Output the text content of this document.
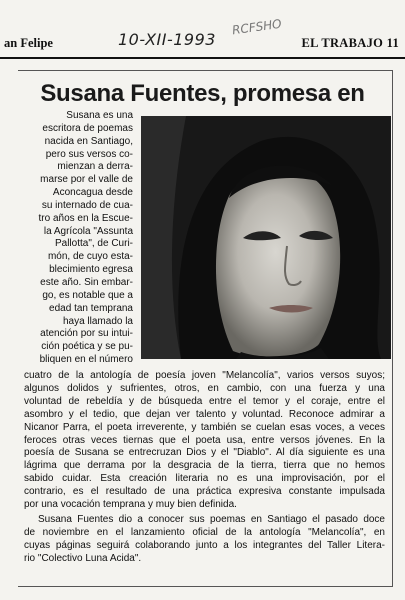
an Felipe	10-XII-1993
RCFSHO
EL TRABAJO 11
Susana Fuentes, promesa en
Susana es una
escritora de poemas
nacida en Santiago,
pero sus versos co-
mienzan a derra-
marse por el valle de
Aconcagua desde
su internado de cua-
tro años en la Escue-
la Agrícola "Assunta
Pallotta", de Curi-
món, de cuyo esta-
blecimiento egresa
este año. Sin embar-
go, es notable que a
edad tan temprana
haya llamado la
atención por su intui-
ción poética y se pu-
bliquen en el número
cuatro de la antología de poesía joven "Melancolía", varios versos suyos;
algunos dolidos y sufrientes, otros, en cambio, con una fuerza y una
voluntad de rebeldía y de búsqueda entre el temor y el coraje, entre el
asombro y el tedio, que dejan ver talento y voluntad. Reconoce admirar a
Nicanor Parra, el poeta irreverente, y también se cuelan esas voces, a veces
feroces otras veces tiernas que el poeta usa, entre versos jóvenes. En la
poesía de Susana se entrecruzan Dios y el "Diablo". Al día siguiente es una
lágrima que derrama por la desgracia de la tierra, tierra que no hemos
sabido cuidar. Esta creación literaria no es una improvisación, por el
contrario, es el resultado de una práctica expresiva constante impulsada
por una vocación temprana y muy bien definida.
Susana Fuentes dio a conocer sus poemas en Santiago el pasado doce
de noviembre en el lanzamiento oficial de la antología "Melancolía", en
cuyas páginas seguirá colaborando junto a los integrantes del Taller Litera-
rio "Colectivo Luna Acida".
